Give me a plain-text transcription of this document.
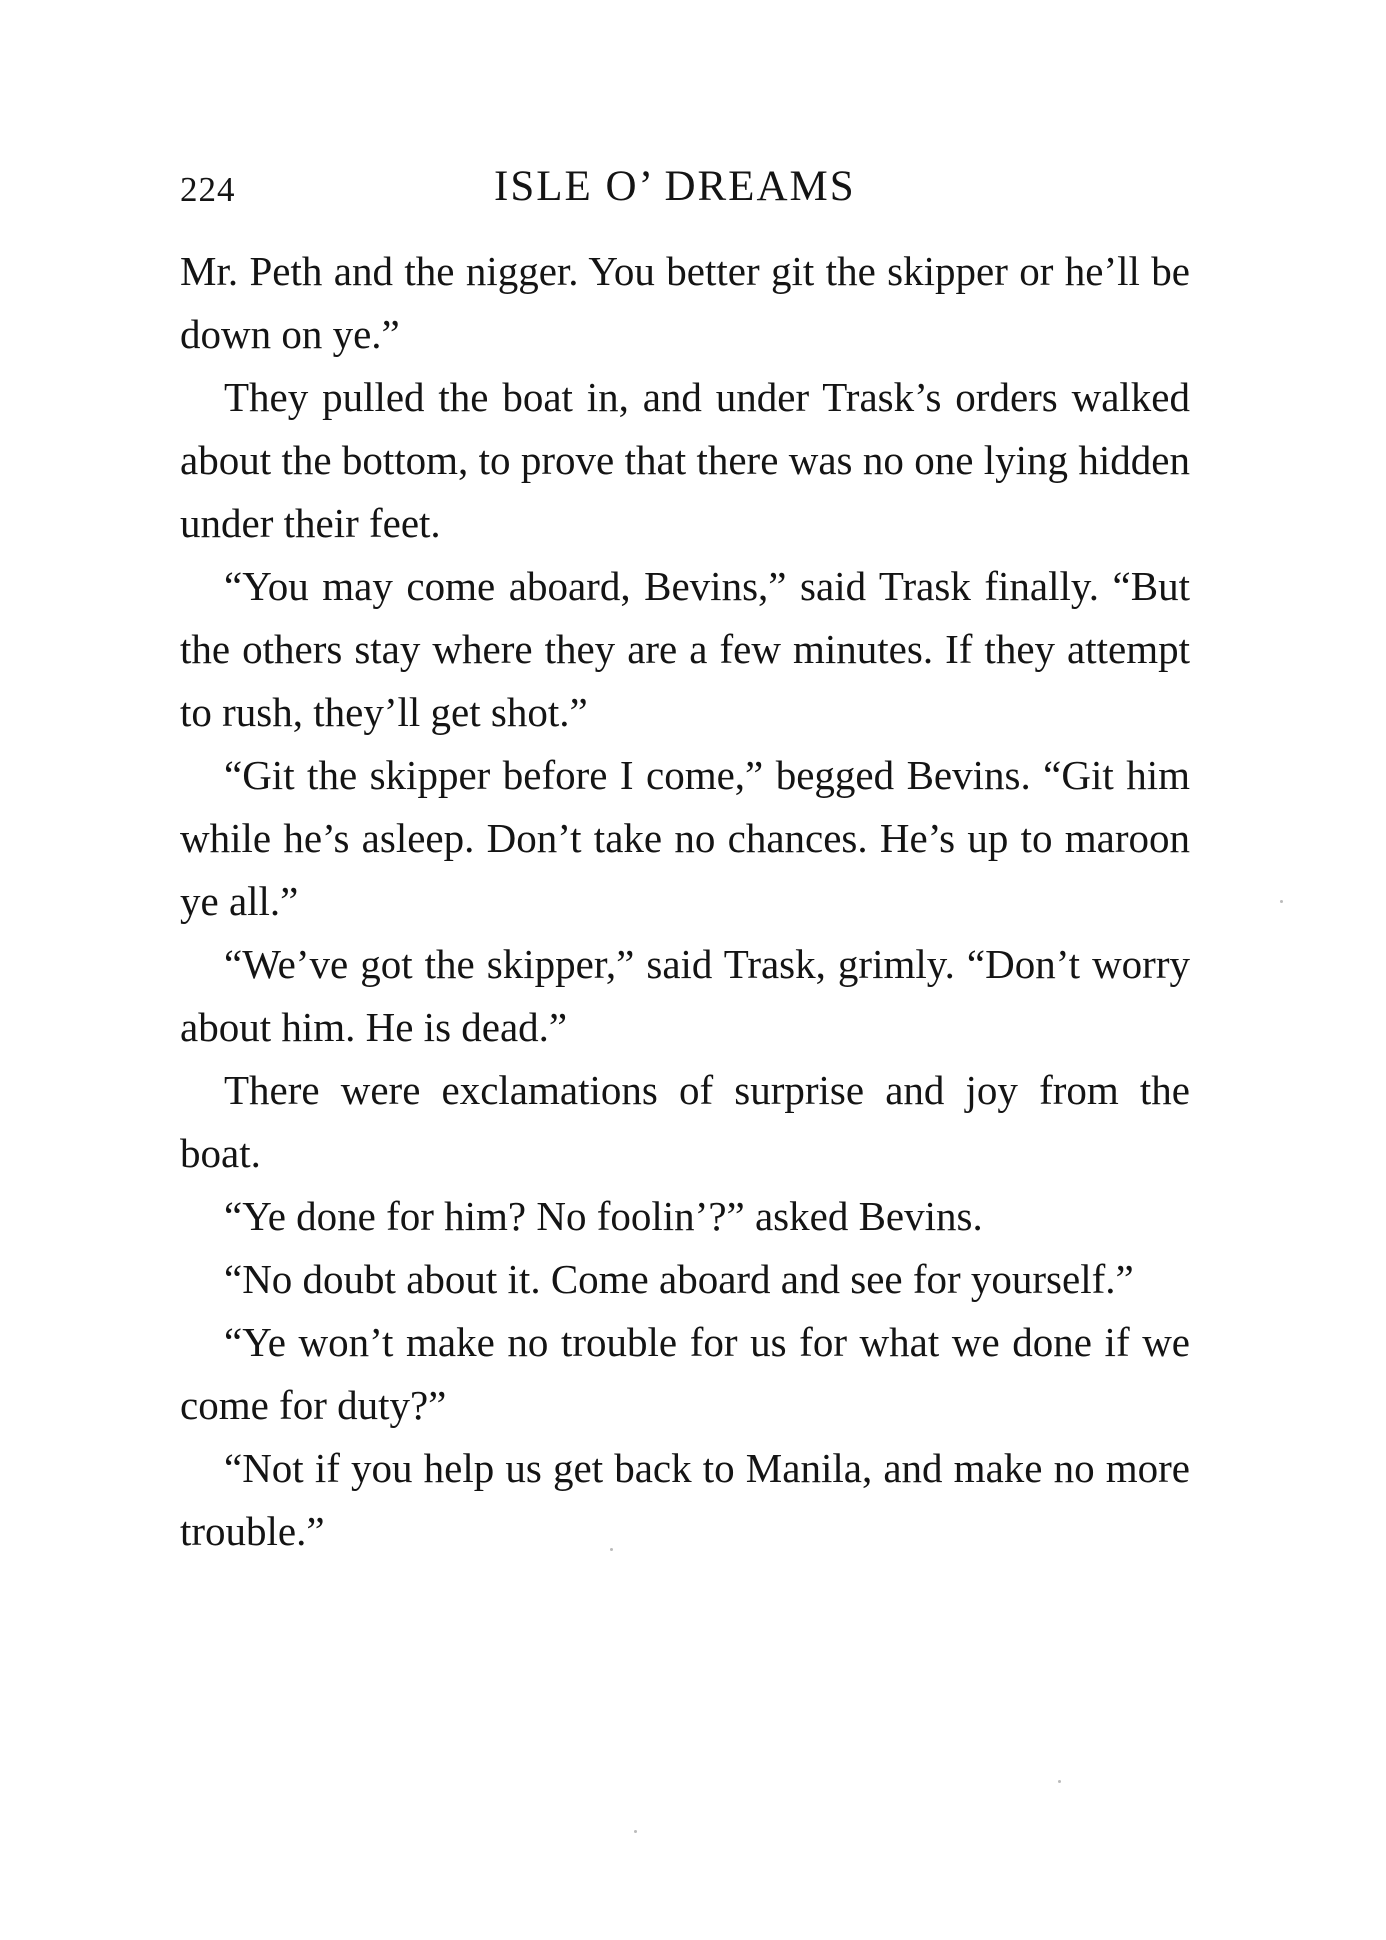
224	ISLE O’ DREAMS

Mr. Peth and the nigger. You better git the skipper or he’ll be down on ye.”

They pulled the boat in, and under Trask’s orders walked about the bottom, to prove that there was no one lying hidden under their feet.

“You may come aboard, Bevins,” said Trask finally. “But the others stay where they are a few minutes. If they attempt to rush, they’ll get shot.”

“Git the skipper before I come,” begged Bevins. “Git him while he’s asleep. Don’t take no chances. He’s up to maroon ye all.”

“We’ve got the skipper,” said Trask, grimly. “Don’t worry about him. He is dead.”

There were exclamations of surprise and joy from the boat.

“Ye done for him? No foolin’?” asked Bevins.

“No doubt about it. Come aboard and see for yourself.”

“Ye won’t make no trouble for us for what we done if we come for duty?”

“Not if you help us get back to Manila, and make no more trouble.”
